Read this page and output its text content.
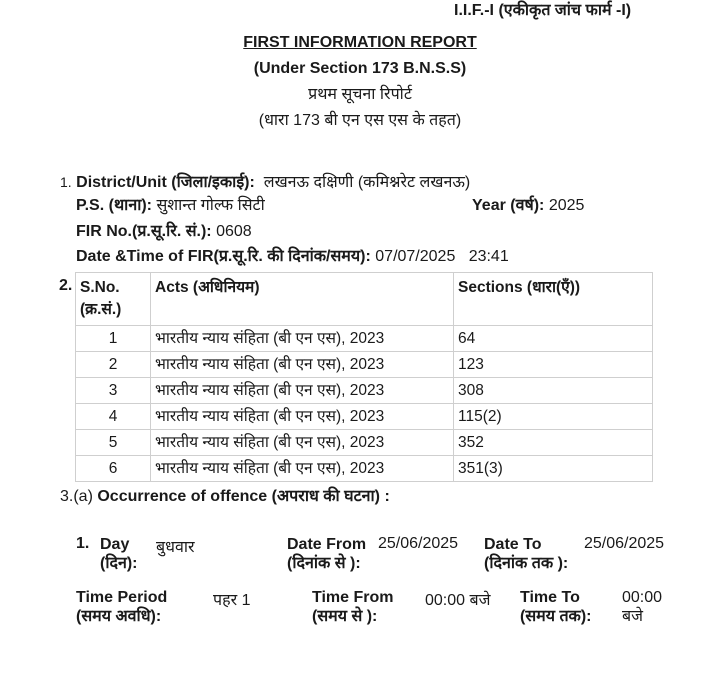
I.I.F.-I (एकीकृत जांच फार्म -I)
FIRST INFORMATION REPORT
(Under Section 173 B.N.S.S)
प्रथम सूचना रिपोर्ट
(धारा 173 बी एन एस एस के तहत)
1. District/Unit (जिला/इकाई): लखनऊ दक्षिणी (कमिश्नरेट लखनऊ)
P.S. (थाना): सुशान्त गोल्फ सिटी	Year (वर्ष): 2025
FIR No.(प्र.सू.रि. सं.): 0608
Date &Time of FIR(प्र.सू.रि. की दिनांक/समय): 07/07/2025 23:41
2. S.No.
(क्र.सं.)	Acts (अधिनियम)	Sections (धारा(एँ))
1	भारतीय न्याय संहिता (बी एन एस), 2023	64
2	भारतीय न्याय संहिता (बी एन एस), 2023	123
3	भारतीय न्याय संहिता (बी एन एस), 2023	308
4	भारतीय न्याय संहिता (बी एन एस), 2023	115(2)
5	भारतीय न्याय संहिता (बी एन एस), 2023	352
6	भारतीय न्याय संहिता (बी एन एस), 2023	351(3)
3.(a) Occurrence of offence (अपराध की घटना) :
1. Day
(दिन):
बुधवार	Date From
(दिनांक से ):
25/06/2025 Date To
(दिनांक तक ):
25/06/2025
Time Period
(समय अवधि):
पहर 1	Time From
(समय से ):
00:00 बजे Time To
(समय तक):
00:00
बजे
